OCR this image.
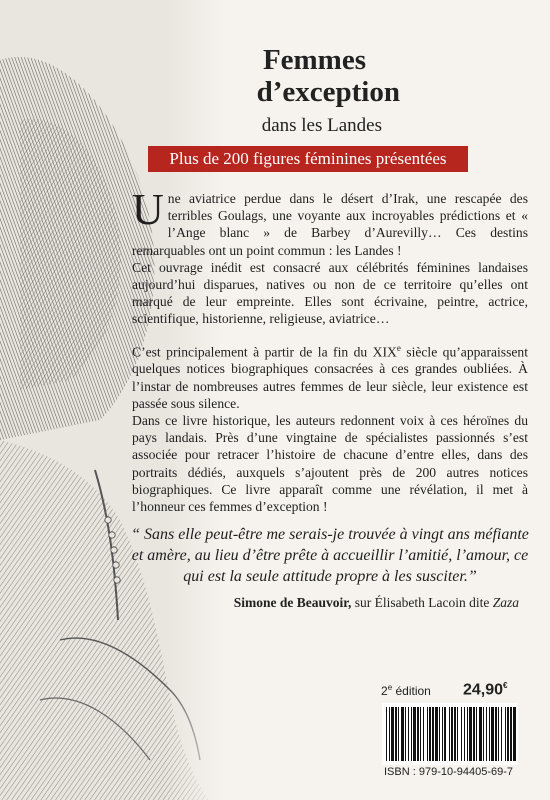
Femmes
d’exception
dans les Landes
Plus de 200 figures féminines présentées

Une aviatrice perdue dans le désert d’Irak, une rescapée des terribles Goulags, une voyante aux incroyables prédictions et « l’Ange blanc » de Barbey d’Aurevilly… Ces destins remarquables ont un point commun : les Landes !

Cet ouvrage inédit est consacré aux célébrités féminines landaises aujourd’hui disparues, natives ou non de ce territoire qu’elles ont marqué de leur empreinte. Elles sont écrivaine, peintre, actrice, scientifique, historienne, religieuse, aviatrice…

C’est principalement à partir de la fin du XIXe siècle qu’apparaissent quelques notices biographiques consacrées à ces grandes oubliées. À l’instar de nombreuses autres femmes de leur siècle, leur existence est passée sous silence.

Dans ce livre historique, les auteurs redonnent voix à ces héroïnes du pays landais. Près d’une vingtaine de spécialistes passionnés s’est associée pour retracer l’histoire de chacune d’entre elles, dans des portraits dédiés, auxquels s’ajoutent près de 200 autres notices biographiques. Ce livre apparaît comme une révélation, il met à l’honneur ces femmes d’exception !

“ Sans elle peut-être me serais-je trouvée à vingt ans méfiante et amère, au lieu d’être prête à accueillir l’amitié, l’amour, ce qui est la seule attitude propre à les susciter.”
Simone de Beauvoir, sur Élisabeth Lacoin dite Zaza
2e édition 24,90€
ISBN : 979-10-94405-69-7
